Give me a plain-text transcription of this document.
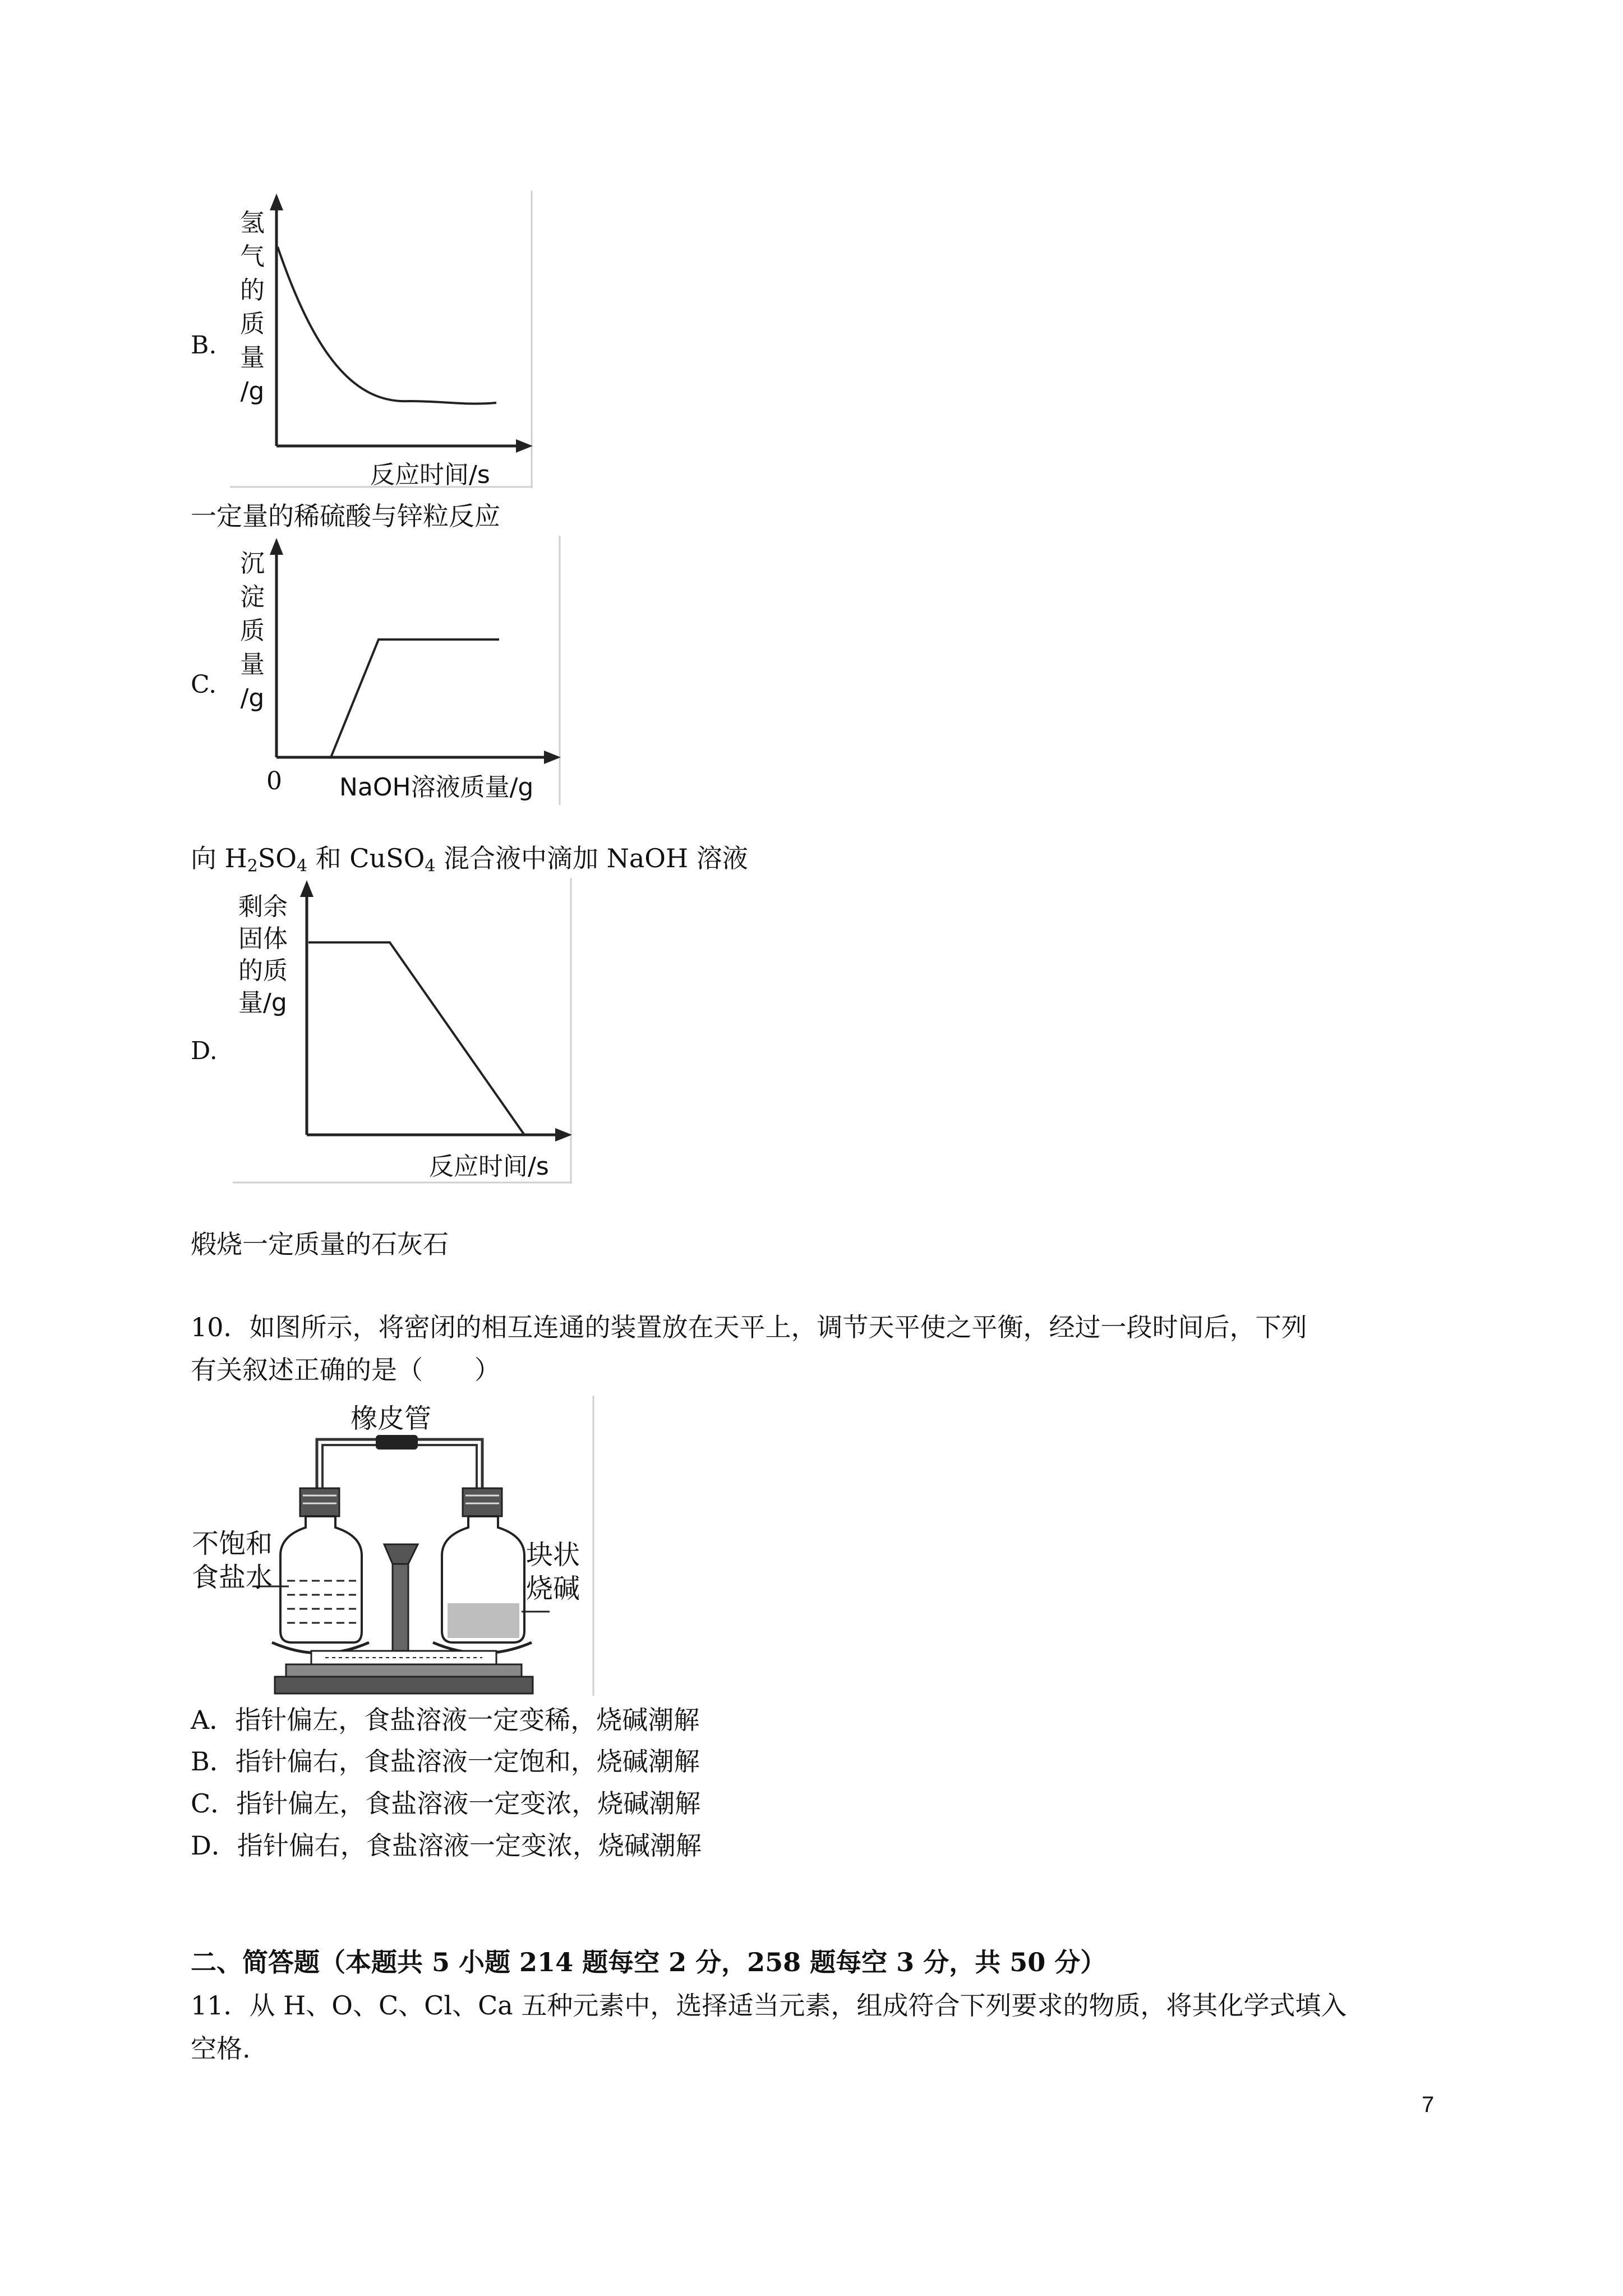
B.
氢
气
的
质
量
/g
反应时间/s
一定量的稀硫酸与锌粒反应
C.
沉
淀
质
量
/g
0 NaOH溶液质量/g
向 $H_2SO_4$ 和 CuSO$_4$ 混合液中滴加 NaOH 溶液
D.
剩余
固体
的质
量/g
反应时间/s
煅烧一定质量的石灰石
10．如图所示，将密闭的相互连通的装置放在天平上，调节天平使之平衡，经过一段时间后，下列
有关叙述正确的是（　　）
橡皮管
不饱和
食盐水
块状
烧碱
A．指针偏左，食盐溶液一定变稀，烧碱潮解
B．指针偏右，食盐溶液一定饱和，烧碱潮解
C．指针偏左，食盐溶液一定变浓，烧碱潮解
D．指针偏右，食盐溶液一定变浓，烧碱潮解
二、简答题（本题共 5 小题 214 题每空 2 分，258 题每空 3 分，共 50 分）
11．从 H、O、C、Cl、Ca 五种元素中，选择适当元素，组成符合下列要求的物质，将其化学式填入
空格.
7
